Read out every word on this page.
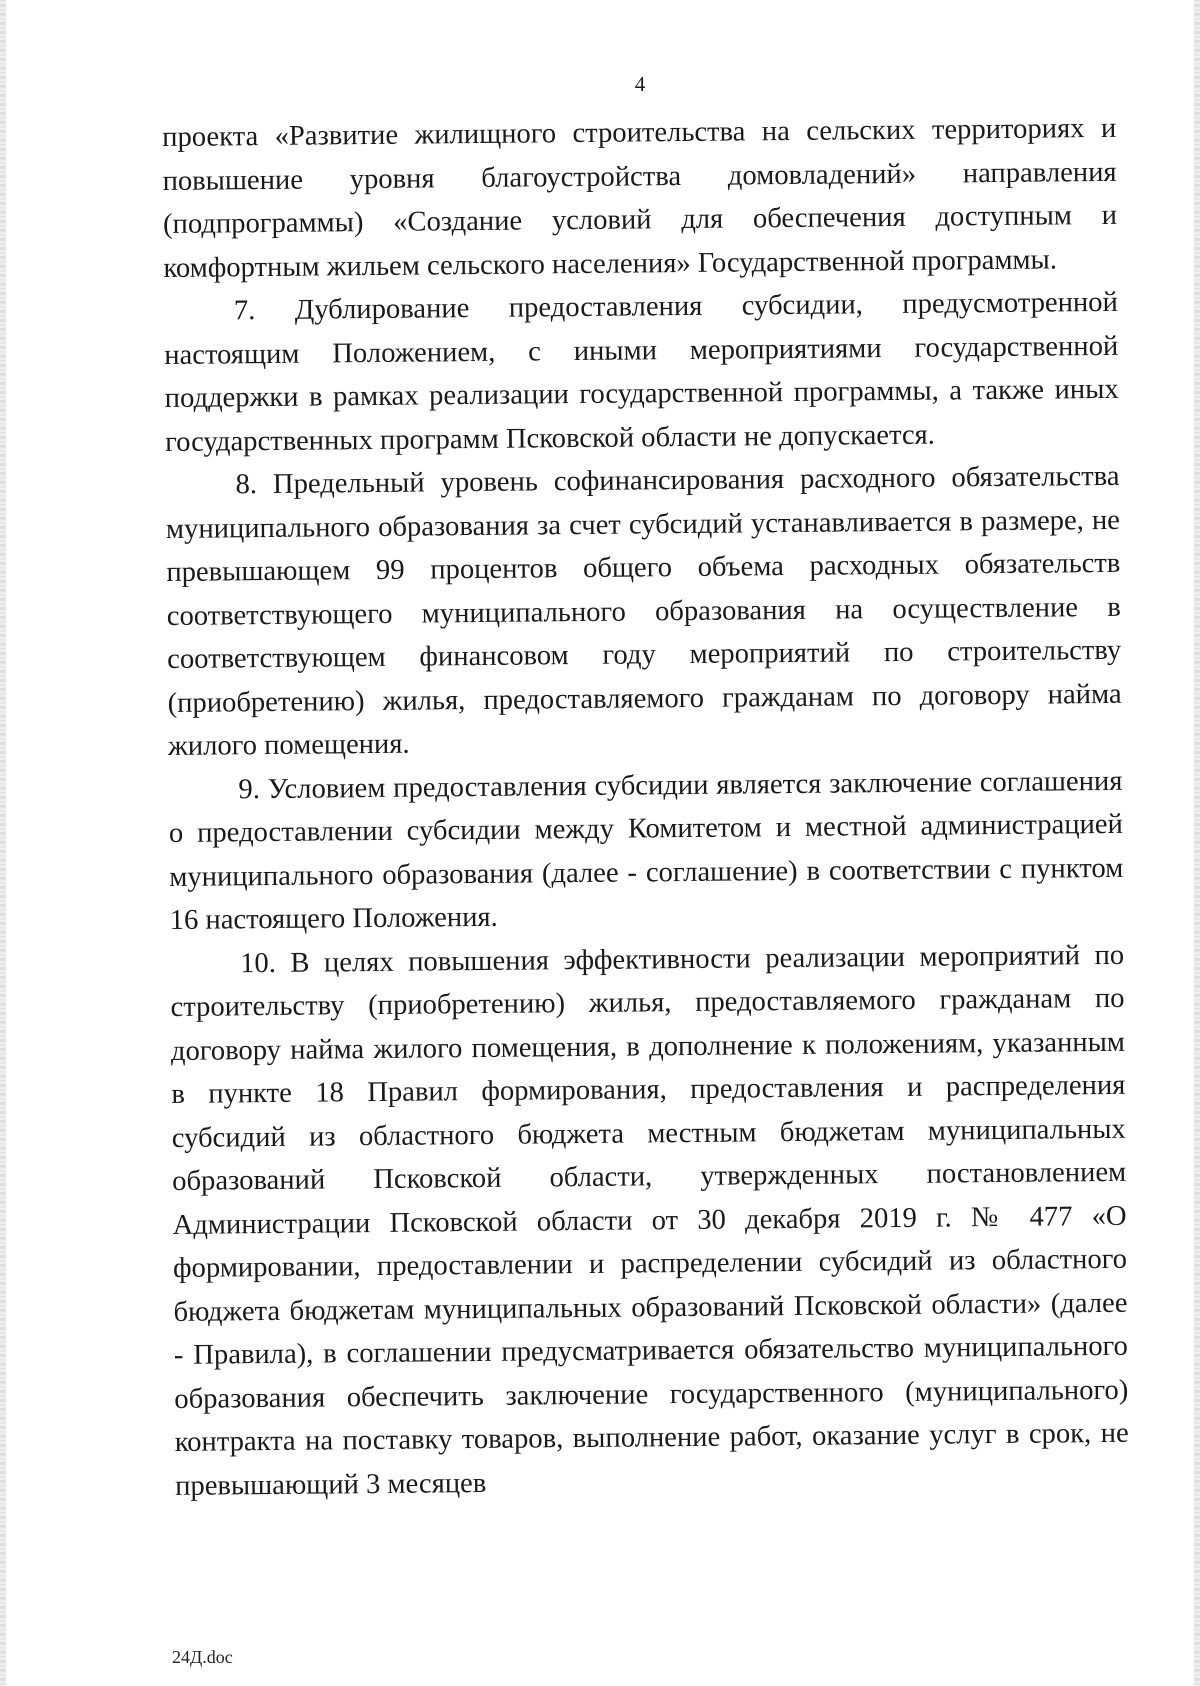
4

проекта «Развитие жилищного строительства на сельских территориях и повышение уровня благоустройства домовладений» направления (подпрограммы) «Создание условий для обеспечения доступным и комфортным жильем сельского населения» Государственной программы.

7. Дублирование предоставления субсидии, предусмотренной настоящим Положением, с иными мероприятиями государственной поддержки в рамках реализации государственной программы, а также иных государственных программ Псковской области не допускается.

8. Предельный уровень софинансирования расходного обязательства муниципального образования за счет субсидий устанавливается в размере, не превышающем 99 процентов общего объема расходных обязательств соответствующего муниципального образования на осуществление в соответствующем финансовом году мероприятий по строительству (приобретению) жилья, предоставляемого гражданам по договору найма жилого помещения.

9. Условием предоставления субсидии является заключение соглашения о предоставлении субсидии между Комитетом и местной администрацией муниципального образования (далее - соглашение) в соответствии с пунктом 16 настоящего Положения.

10. В целях повышения эффективности реализации мероприятий по строительству (приобретению) жилья, предоставляемого гражданам по договору найма жилого помещения, в дополнение к положениям, указанным в пункте 18 Правил формирования, предоставления и распределения субсидий из областного бюджета местным бюджетам муниципальных образований Псковской области, утвержденных постановлением Администрации Псковской области от 30 декабря 2019 г. № 477 «О формировании, предоставлении и распределении субсидий из областного бюджета бюджетам муниципальных образований Псковской области» (далее - Правила), в соглашении предусматривается обязательство муниципального образования обеспечить заключение государственного (муниципального) контракта на поставку товаров, выполнение работ, оказание услуг в срок, не превышающий 3 месяцев

24Д.doc
